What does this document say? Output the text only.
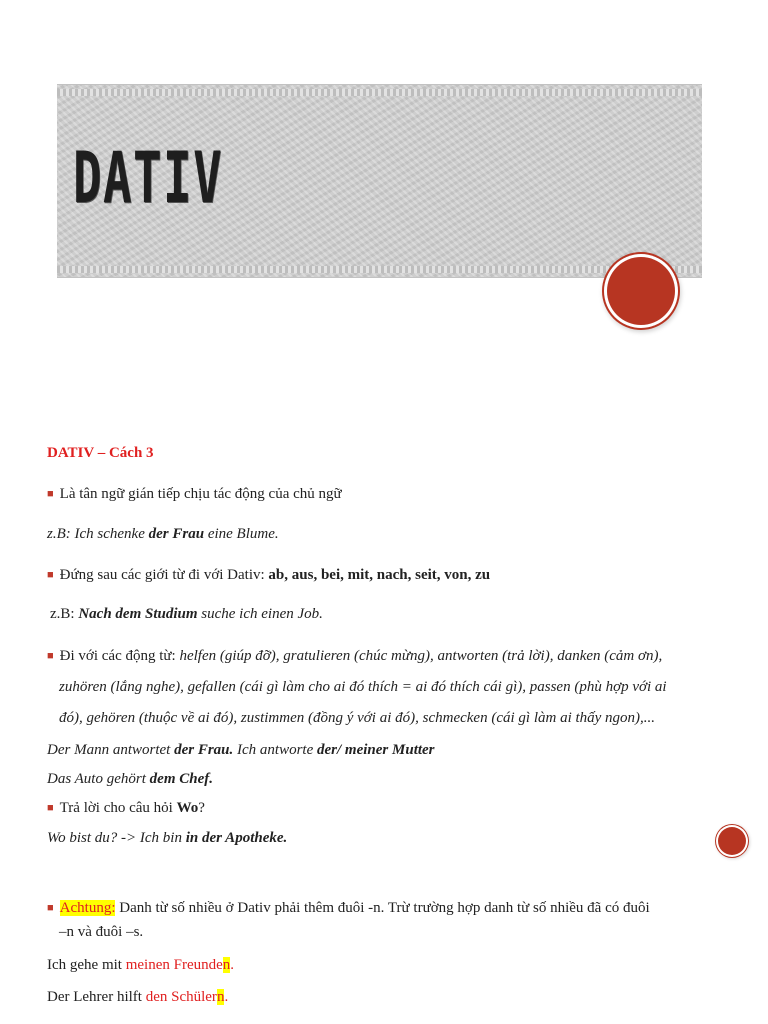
DATIV
DATIV – Cách 3
■ Là tân ngữ gián tiếp chịu tác động của chủ ngữ
z.B: Ich schenke der Frau eine Blume.
■ Đứng sau các giới từ đi với Dativ: ab, aus, bei, mit, nach, seit, von, zu
z.B: Nach dem Studium suche ich einen Job.
■ Đi với các động từ: helfen (giúp đỡ), gratulieren (chúc mừng), antworten (trả lời), danken (cảm ơn),
zuhören (lắng nghe), gefallen (cái gì làm cho ai đó thích = ai đó thích cái gì), passen (phù hợp với ai
đó), gehören (thuộc về ai đó), zustimmen (đồng ý với ai đó), schmecken (cái gì làm ai thấy ngon),...
Der Mann antwortet der Frau. Ich antworte der/ meiner Mutter
Das Auto gehört dem Chef.
■ Trả lời cho câu hỏi Wo?
Wo bist du? -> Ich bin in der Apotheke.
■ Achtung: Danh từ số nhiều ở Dativ phải thêm đuôi -n. Trừ trường hợp danh từ số nhiều đã có đuôi
–n và đuôi –s.
Ich gehe mit meinen Freunden.
Der Lehrer hilft den Schülern.
